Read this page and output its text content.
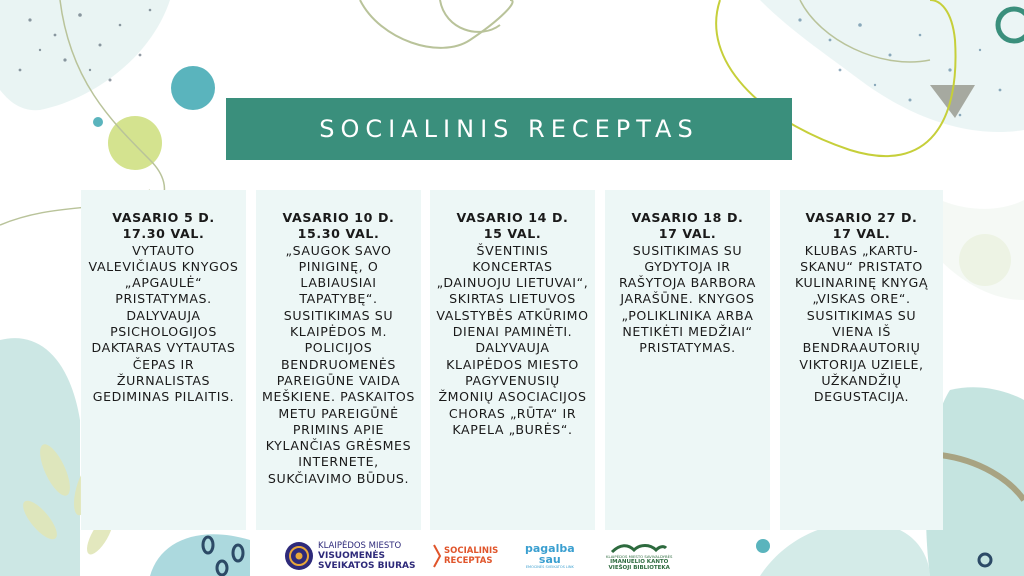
SOCIALINIS RECEPTAS
VASARIO 5 D.
17.30 VAL.
VYTAUTO VALEVIČIAUS KNYGOS „APGAULĖ“ PRISTATYMAS. DALYVAUJA PSICHOLOGIJOS DAKTARAS VYTAUTAS ČEPAS IR ŽURNALISTAS GEDIMINAS PILAITIS.
VASARIO 10 D.
15.30 VAL.
„SAUGOK SAVO PINIGINĘ, O LABIAUSIAI TAPATYBĘ“. SUSITIKIMAS SU KLAIPĖDOS M. POLICIJOS BENDRUOMENĖS PAREIGŪNE VAIDA MEŠKIENE. PASKAITOS METU PAREIGŪNĖ PRIMINS APIE KYLANČIAS GRĖSMES INTERNETE, SUKČIAVIMO BŪDUS.
VASARIO 14 D.
15 VAL.
ŠVENTINIS KONCERTAS „DAINUOJU LIETUVAI“, SKIRTAS LIETUVOS VALSTYBĖS ATKŪRIMO DIENAI PAMINĖTI. DALYVAUJA KLAIPĖDOS MIESTO PAGYVENUSIŲ ŽMONIŲ ASOCIACIJOS CHORAS „RŪTA“ IR KAPELA „BURĖS“.
VASARIO 18 D.
17 VAL.
SUSITIKIMAS SU GYDYTOJA IR RAŠYTOJA BARBORA JARAŠŪNE. KNYGOS „POLIKLINIKA ARBA NETIKĖTI MEDŽIAI“ PRISTATYMAS.
VASARIO 27 D.
17 VAL.
KLUBAS „KARTU- SKANU“ PRISTATO KULINARINĘ KNYGĄ „VISKAS ORE“. SUSITIKIMAS SU VIENA IŠ BENDRAAUTORIŲ VIKTORIJA UZIELE, UŽKANDŽIŲ DEGUSTACIJA.
KLAIPĖDOS MIESTO
VISUOMENĖS
SVEIKATOS BIURAS
SOCIALINIS
RECEPTAS
pagalba
sau
EMOCINĖS SVEIKATOS LINK
KLAIPĖDOS MIESTO SAVIVALDYBĖS
IMANUELIO KANTO
VIEŠOJI BIBLIOTEKA
